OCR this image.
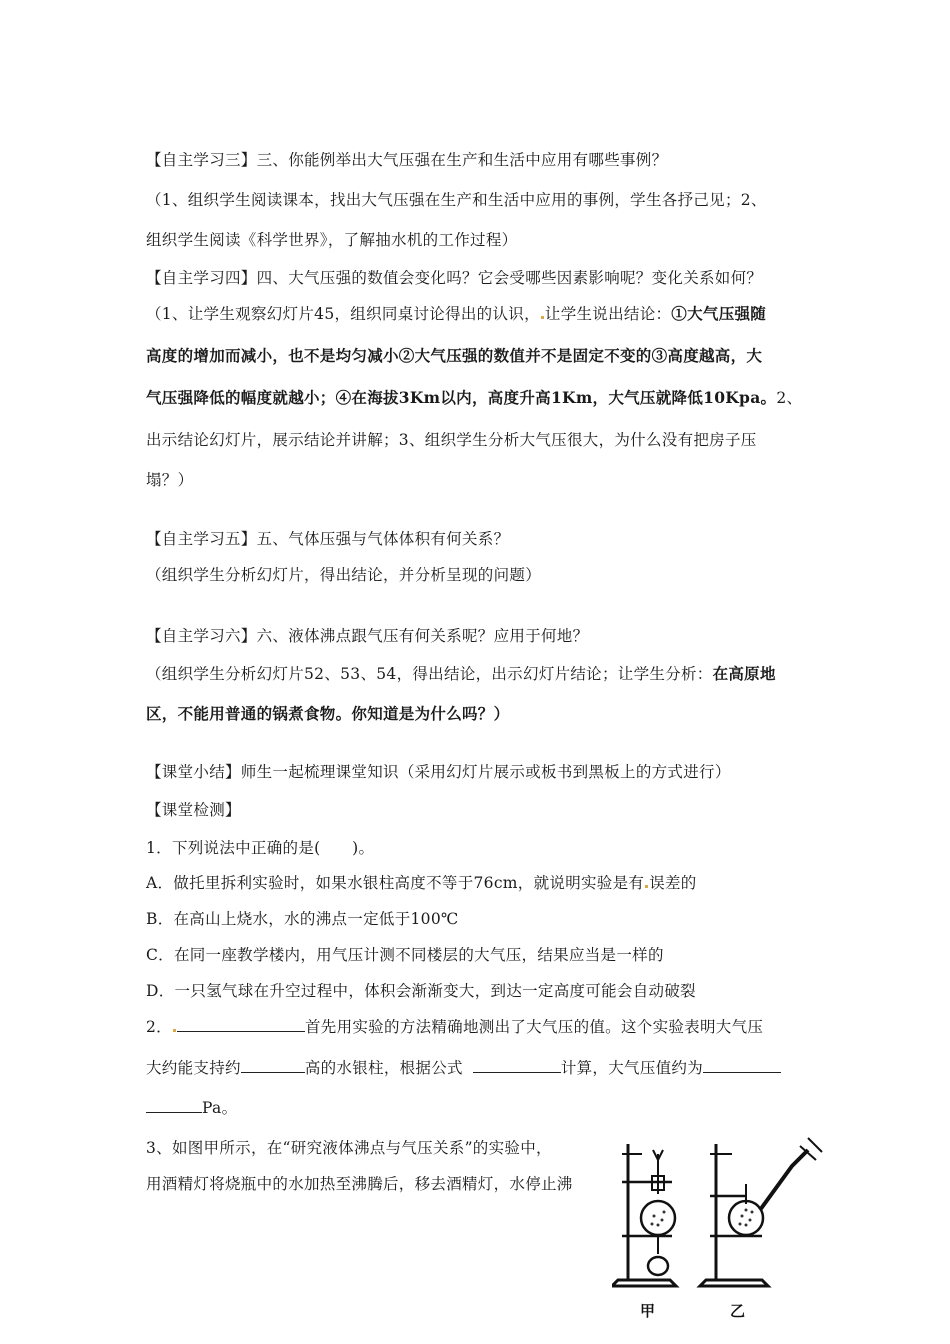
【自主学习三】三、你能例举出大气压强在生产和生活中应用有哪些事例？
（1、组织学生阅读课本，找出大气压强在生产和生活中应用的事例，学生各抒己见；2、
组织学生阅读《科学世界》，了解抽水机的工作过程）
【自主学习四】四、大气压强的数值会变化吗？它会受哪些因素影响呢？变化关系如何？
（1、让学生观察幻灯片45，组织同桌讨论得出的认识， 让学生说出结论：①大气压强随
高度的增加而减小，也不是均匀减小②大气压强的数值并不是固定不变的③高度越高，大
气压强降低的幅度就越小；④在海拔3Km以内，高度升高1Km，大气压就降低10Kpa。2、
出示结论幻灯片，展示结论并讲解；3、组织学生分析大气压很大，为什么没有把房子压
塌？）
【自主学习五】五、气体压强与气体体积有何关系？
（组织学生分析幻灯片，得出结论，并分析呈现的问题）
【自主学习六】六、液体沸点跟气压有何关系呢？应用于何地？
（组织学生分析幻灯片52、53、54，得出结论，出示幻灯片结论；让学生分析：在高原地
区，不能用普通的锅煮食物。你知道是为什么吗？）
【课堂小结】师生一起梳理课堂知识（采用幻灯片展示或板书到黑板上的方式进行）
【课堂检测】
1．下列说法中正确的是(　　)。
A．做托里拆利实验时，如果水银柱高度不等于76cm，就说明实验是有 误差的
B．在高山上烧水，水的沸点一定低于100℃
C．在同一座教学楼内，用气压计测不同楼层的大气压，结果应当是一样的
D．一只氢气球在升空过程中，体积会渐渐变大，到达一定高度可能会自动破裂
2．	首先用实验的方法精确地测出了大气压的值。这个实验表明大气压
大约能支持约	高的水银柱，根据公式	计算，大气压值约为
Pa。
3、如图甲所示，在“研究液体沸点与气压关系”的实验中，
用酒精灯将烧瓶中的水加热至沸腾后，移去酒精灯，水停止沸
甲	乙
